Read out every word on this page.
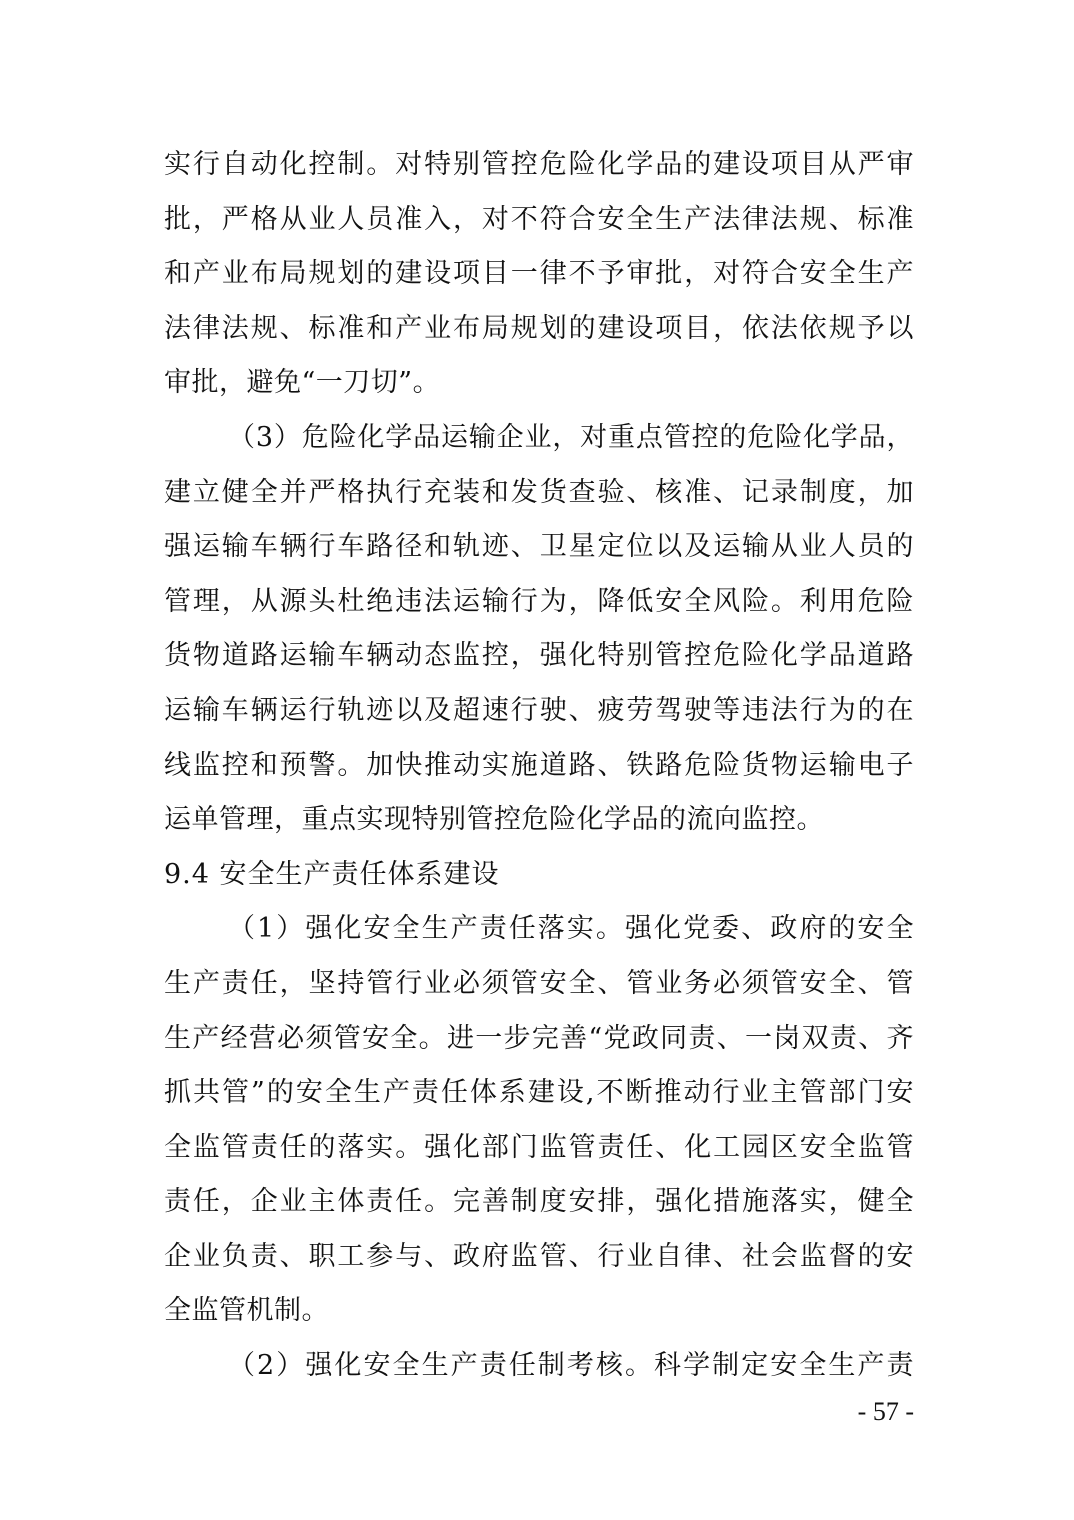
实行自动化控制。对特别管控危险化学品的建设项目从严审
批，严格从业人员准入，对不符合安全生产法律法规、标准
和产业布局规划的建设项目一律不予审批，对符合安全生产
法律法规、标准和产业布局规划的建设项目，依法依规予以
审批，避免“一刀切”。
（3）危险化学品运输企业，对重点管控的危险化学品，
建立健全并严格执行充装和发货查验、核准、记录制度，加
强运输车辆行车路径和轨迹、卫星定位以及运输从业人员的
管理，从源头杜绝违法运输行为，降低安全风险。利用危险
货物道路运输车辆动态监控，强化特别管控危险化学品道路
运输车辆运行轨迹以及超速行驶、疲劳驾驶等违法行为的在
线监控和预警。加快推动实施道路、铁路危险货物运输电子
运单管理，重点实现特别管控危险化学品的流向监控。
9.4 安全生产责任体系建设
（1）强化安全生产责任落实。强化党委、政府的安全
生产责任，坚持管行业必须管安全、管业务必须管安全、管
生产经营必须管安全。进一步完善“党政同责、一岗双责、齐
抓共管”的安全生产责任体系建设,不断推动行业主管部门安
全监管责任的落实。强化部门监管责任、化工园区安全监管
责任，企业主体责任。完善制度安排，强化措施落实，健全
企业负责、职工参与、政府监管、行业自律、社会监督的安
全监管机制。
（2）强化安全生产责任制考核。科学制定安全生产责
- 57 -
